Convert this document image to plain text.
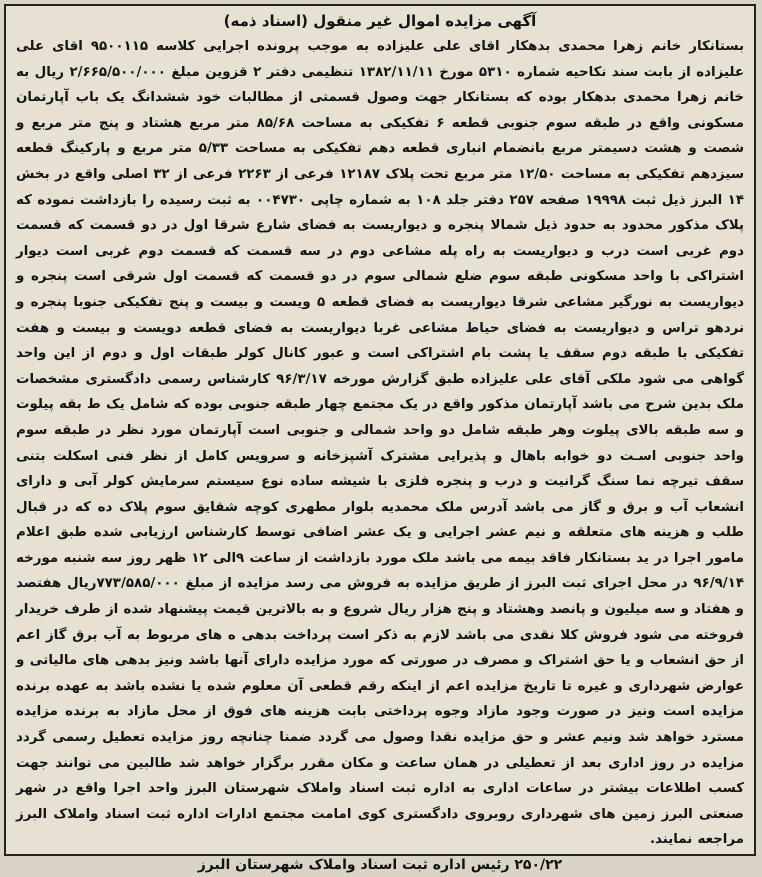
آگهی مزایده اموال غیر منقول (اسناد ذمه)

بستانکار خانم زهرا محمدی بدهکار اقای علی علیزاده به موجب پرونده اجرایی کلاسه ۹۵۰۰۱۱۵ اقای علی علیزاده از بابت سند نکاحیه شماره ۵۳۱۰ مورخ ۱۳۸۲/۱۱/۱۱ تنظیمی دفتر ۲ قزوین مبلغ ۲/۶۶۵/۵۰۰/۰۰۰ ریال به خانم زهرا محمدی بدهکار بوده که بستانکار جهت وصول قسمتی از مطالبات خود ششدانگ یک باب آپارتمان مسکونی واقع در طبقه سوم جنوبی قطعه ۶ تفکیکی به مساحت ۸۵/۶۸ متر مربع هشتاد و پنج متر مربع و شصت و هشت دسیمتر مربع بانضمام انباری قطعه دهم تفکیکی به مساحت ۵/۳۳ متر مربع و پارکینگ قطعه سیزدهم تفکیکی به مساحت ۱۲/۵۰ متر مربع تحت پلاک ۱۲۱۸۷ فرعی از ۲۲۶۳ فرعی از ۳۲ اصلی واقع در بخش ۱۴ البرز ذیل ثبت ۱۹۹۹۸ صفحه ۲۵۷ دفتر جلد ۱۰۸ به شماره چاپی ۰۰۴۷۳۰ به ثبت رسیده را بازداشت نموده که پلاک مذکور محدود به حدود ذیل شمالا پنجره و دیواریست به فضای شارع شرقا اول در دو قسمت که قسمت دوم غربی است درب و دیواریست به راه پله مشاعی دوم در سه قسمت که قسمت دوم غربی است دیوار اشتراکی با واحد مسکونی طبقه سوم ضلع شمالی سوم در دو قسمت که قسمت اول شرقی است پنجره و دیواریست به نورگیر مشاعی شرقا دیواریست به فضای قطعه ۵ ویست و بیست و پنج تفکیکی جنوبا پنجره و نردهو تراس و دیواریست به فضای حیاط مشاعی غربا دیواریست به فضای قطعه دویست و بیست و هفت تفکیکی با طبقه دوم سقف یا پشت بام اشتراکی است و عبور کانال کولر طبقات اول و دوم از این واحد گواهی می شود ملکی آقای علی علیزاده طبق گزارش مورخه ۹۶/۳/۱۷ کارشناس رسمی دادگستری مشخصات ملک بدین شرح می باشد آپارتمان مذکور واقع در یک مجتمع چهار طبقه جنوبی بوده که شامل یک ط بقه پیلوت و سه طبقه بالای پیلوت وهر طبقه شامل دو واحد شمالی و جنوبی است آپارتمان مورد نظر در طبقه سوم واحد جنوبی اسـت دو خوابه باهال و پذیرایی مشترک آشپزخانه و سرویس کامل از نظر فنی اسکلت بتنی سقف تیرچه نما سنگ گرانیت و درب و پنجره فلزی با شیشه ساده نوع سیستم سرمایش کولر آبی و دارای انشعاب آب و برق و گاز می باشد آدرس ملک محمدیه بلوار مطهری کوچه شقایق سوم پلاک ده که در قبال طلب و هزینه های متعلقه و نیم عشر اجرایی و یک عشر اضافی توسط کارشناس ارزیابی شده طبق اعلام مامور اجرا در ید بستانکار فاقد بیمه می باشد ملک مورد بازداشت از ساعت ۹الی ۱۲ ظهر روز سه شنبه مورخه ۹۶/۹/۱۴ در محل اجرای ثبت البرز از طریق مزایده به فروش می رسد مزایده از مبلغ ۷۷۳/۵۸۵/۰۰۰ریال هفتصد و هفتاد و سه میلیون و پانصد وهشتاد و پنج هزار ریال شروع و به بالاترین قیمت پیشنهاد شده از طرف خریدار فروخته می شود فروش کلا نقدی می باشد لازم به ذکر است پرداخت بدهی ه های مربوط به آب برق گاز اعم از حق انشعاب و یا حق اشتراک و مصرف در صورتی که مورد مزایده دارای آنها باشد ونیز بدهی های مالیاتی و عوارض شهرداری و غیره تا تاریخ مزایده اعم از اینکه رقم قطعی آن معلوم شده یا نشده باشد به عهده برنده مزایده است ونیز در صورت وجود مازاد وجوه پرداختی بابت هزینه های فوق از محل مازاد به برنده مزایده مسترد خواهد شد ونیم عشر و حق مزایده نقدا وصول می گردد ضمنا چنانچه روز مزایده تعطیل رسمی گردد مزایده در روز اداری بعد از تعطیلی در همان ساعت و مکان مقرر برگزار خواهد شد طالبین می توانند جهت کسب اطلاعات بیشتر در ساعات اداری به اداره ثبت اسناد واملاک شهرستان البرز واحد اجرا واقع در شهر صنعتی البرز زمین های شهرداری روبروی دادگستری کوی امامت مجتمع ادارات اداره ثبت اسناد واملاک البرز مراجعه نمایند.

۲۵۰/۲۲ رئیس اداره ثبت اسناد واملاک شهرستان البرز
